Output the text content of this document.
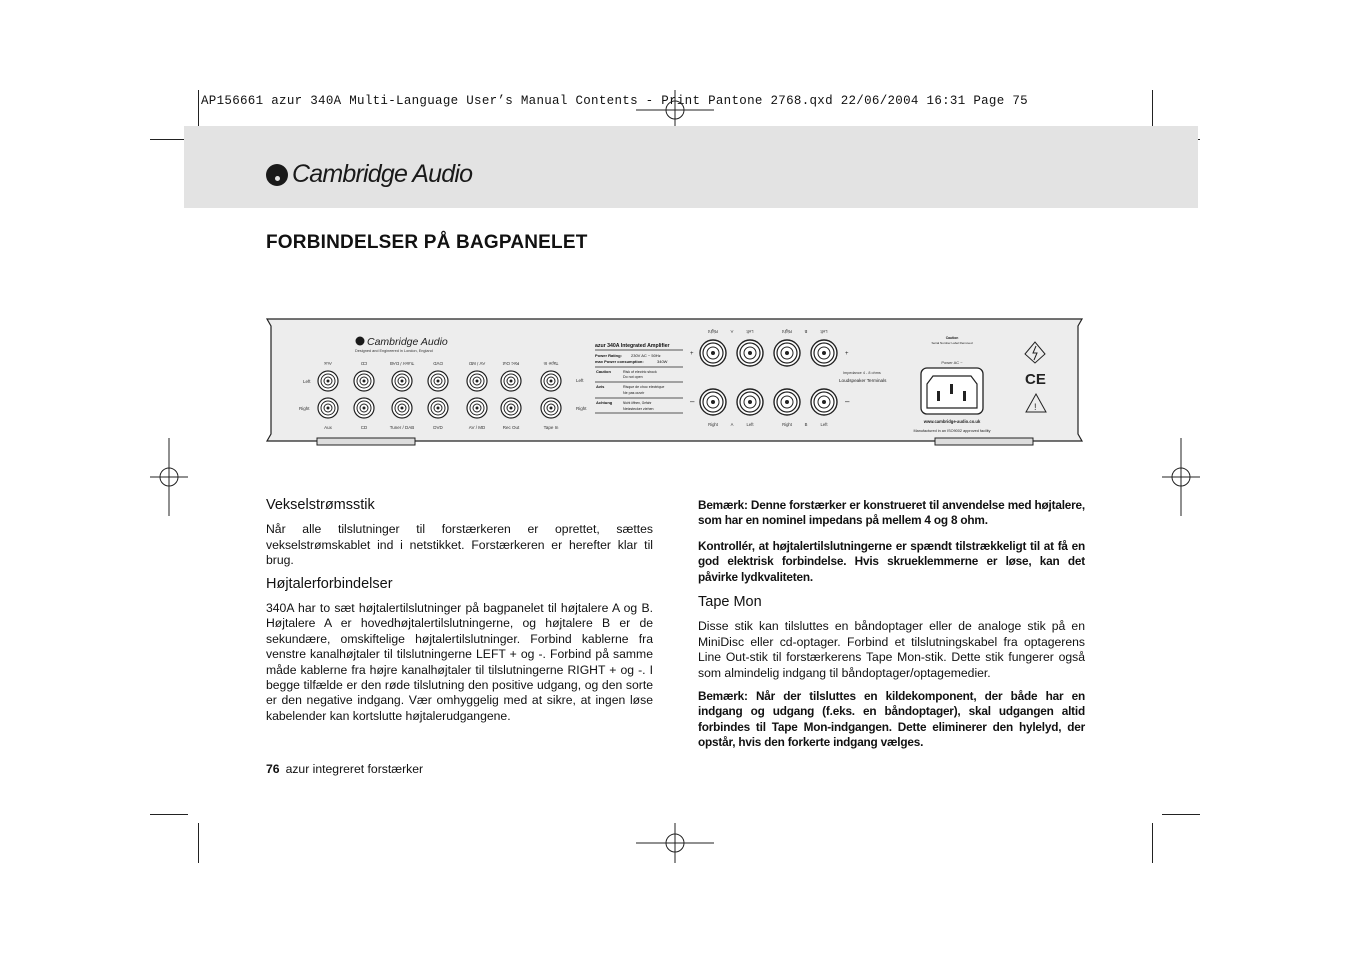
AP156661 azur 340A Multi-Language User’s Manual Contents - Print Pantone 2768.qxd 22/06/2004 16:31 Page 75
Cambridge Audio
FORBINDELSER PÅ BAGPANELET
Cambridge Audio
Designed and Engineered in London, England
Left
Right
Left
Right
Aux	CD	Tuner / DAB	DVD	AV / MD	Rec Out	Tape In
azur 340A Integrated Amplifier
Power Rating: 230V AC ~ 50Hz
max Power consumption:	340W
Caution	Risk of electric shock
Do not open
Avis	Risque de choc electrique
Ne pas ouvrir
Achtung	Nicht öffnen, Gefahr
Netzstecker ziehen
+
–
+
–
Right	A	Left	Right	B	Left
Impedance 4 - 8 ohms
Loudspeaker Terminals
Caution
Serial Number Label Removed
Power AC ~
www.cambridge-audio.co.uk
Manufactured in an ISO9002 approved facility
CE
!
Right	A	Left	Right	B	Left
Aux	CD	Tuner / DAB	DVD	AV / MD	Rec Out	Tape In
Vekselstrømsstik

Når alle tilslutninger til forstærkeren er oprettet, sættes vekselstrømskablet ind i netstikket. Forstærkeren er herefter klar til brug.

Højtalerforbindelser

340A har to sæt højtalertilslutninger på bagpanelet til højtalere A og B. Højtalere A er hovedhøjtalertilslutningerne, og højtalere B er de sekundære, omskiftelige højtalertilslutninger. Forbind kablerne fra venstre kanalhøjtaler til tilslutningerne LEFT + og -. Forbind på samme måde kablerne fra højre kanalhøjtaler til tilslutningerne RIGHT + og -. I begge tilfælde er den røde tilslutning den positive udgang, og den sorte er den negative indgang. Vær omhyggelig med at sikre, at ingen løse kabelender kan kortslutte højtalerudgangene.

Bemærk: Denne forstærker er konstrueret til anvendelse med højtalere, som har en nominel impedans på mellem 4 og 8 ohm.

Kontrollér, at højtalertilslutningerne er spændt tilstrækkeligt til at få en god elektrisk forbindelse. Hvis skrueklemmerne er løse, kan det påvirke lydkvaliteten.

Tape Mon

Disse stik kan tilsluttes en båndoptager eller de analoge stik på en MiniDisc eller cd-optager. Forbind et tilslutningskabel fra optagerens Line Out-stik til forstærkerens Tape Mon-stik. Dette stik fungerer også som almindelig indgang til båndoptager/optagemedier.

Bemærk: Når der tilsluttes en kildekomponent, der både har en indgang og udgang (f.eks. en båndoptager), skal udgangen altid forbindes til Tape Mon-indgangen. Dette eliminerer den hylelyd, der opstår, hvis den forkerte indgang vælges.

76 azur integreret forstærker
